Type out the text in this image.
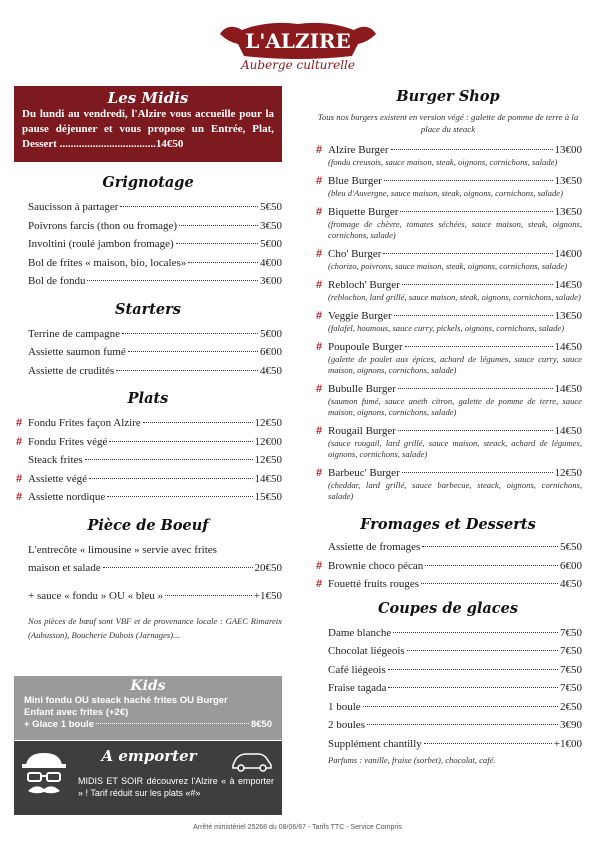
L'ALZIRE
Auberge culturelle
Les Midis
Du lundi au vendredi, l'Alzire vous accueille pour la pause déjeuner et vous propose un Entrée, Plat, Dessert ...................................14€50
Grignotage
Saucisson à partager	5€50
Poivrons farcis (thon ou fromage)	3€50
Involtini (roulé jambon fromage)	5€00
Bol de frites « maison, bio, locales»	4€00
Bol de fondu	3€00
Starters
Terrine de campagne	5€00
Assiette saumon fumé	6€00
Assiette de crudités	4€50
Plats
# Fondu Frites façon Alzire	12€50
# Fondu Frites végé	12€00
Steack frites	12€50
# Assiette végé	14€50
# Assiette nordique	15€50
Pièce de Boeuf
L'entrecôte « limousine » servie avec frites
maison et salade	20€50
+ sauce « fondu » OU « bleu »	+1€50
Nos pièces de bœuf sont VBF et de provenance locale : GAEC Rimareix (Aubusson), Boucherie Dubois (Jarnages)...
Kids
Mini fondu OU steack haché frites OU Burger
Enfant avec frites (+2€)
+ Glace 1 boule	8€50
A emporter
MIDIS ET SOIR découvrez l'Alzire « à emporter » ! Tarif réduit sur les plats «#»
Burger Shop
Tous nos burgers existent en version végé : galette de pomme de terre à la place du steack
# Alzire Burger	13€00
(fondu creusois, sauce maison, steak, oignons, cornichons, salade)
# Blue Burger	13€50
(bleu d'Auvergne, sauce maison, steak, oignons, cornichons, salade)
# Biquette Burger	13€50
(fromage de chèvre, tomates séchées, sauce maison, steak, oignons, cornichons, salade)
# Cho' Burger	14€00
(chorizo, poivrons, sauce maison, steak, oignons, cornichons, salade)
# Rebloch' Burger	14€50
(reblochon, lard grillé, sauce maison, steak, oignons, cornichons, salade)
# Veggie Burger	13€50
(falafel, houmous, sauce curry, pickels, oignons, cornichons, salade)
# Poupoule Burger	14€50
(galette de poulet aux épices, achard de légumes, sauce curry, sauce maison, oignons, cornichons, salade)
# Bubulle Burger	14€50
(saumon fumé, sauce aneth citron, galette de pomme de terre, sauce maison, oignons, cornichons, salade)
# Rougail Burger	14€50
(sauce rougail, lard grillé, sauce maison, steack, achard de légumes, oignons, cornichons, salade)
# Barbeuc' Burger	12€50
(cheddar, lard grillé, sauce barbecue, steack, oignons, cornichons, salade)
Fromages et Desserts
Assiette de fromages	5€50
# Brownie choco pécan	6€00
# Fouetté fruits rouges	4€50
Coupes de glaces
Dame blanche	7€50
Chocolat liégeois	7€50
Café liégeois	7€50
Fraise tagada	7€50
1 boule	2€50
2 boules	3€90
Supplément chantilly	+1€00
Parfums : vanille, fraise (sorbet), chocolat, café.
Arrêté ministériel 25268 du 08/06/67 - Tarifs TTC - Service Compris
